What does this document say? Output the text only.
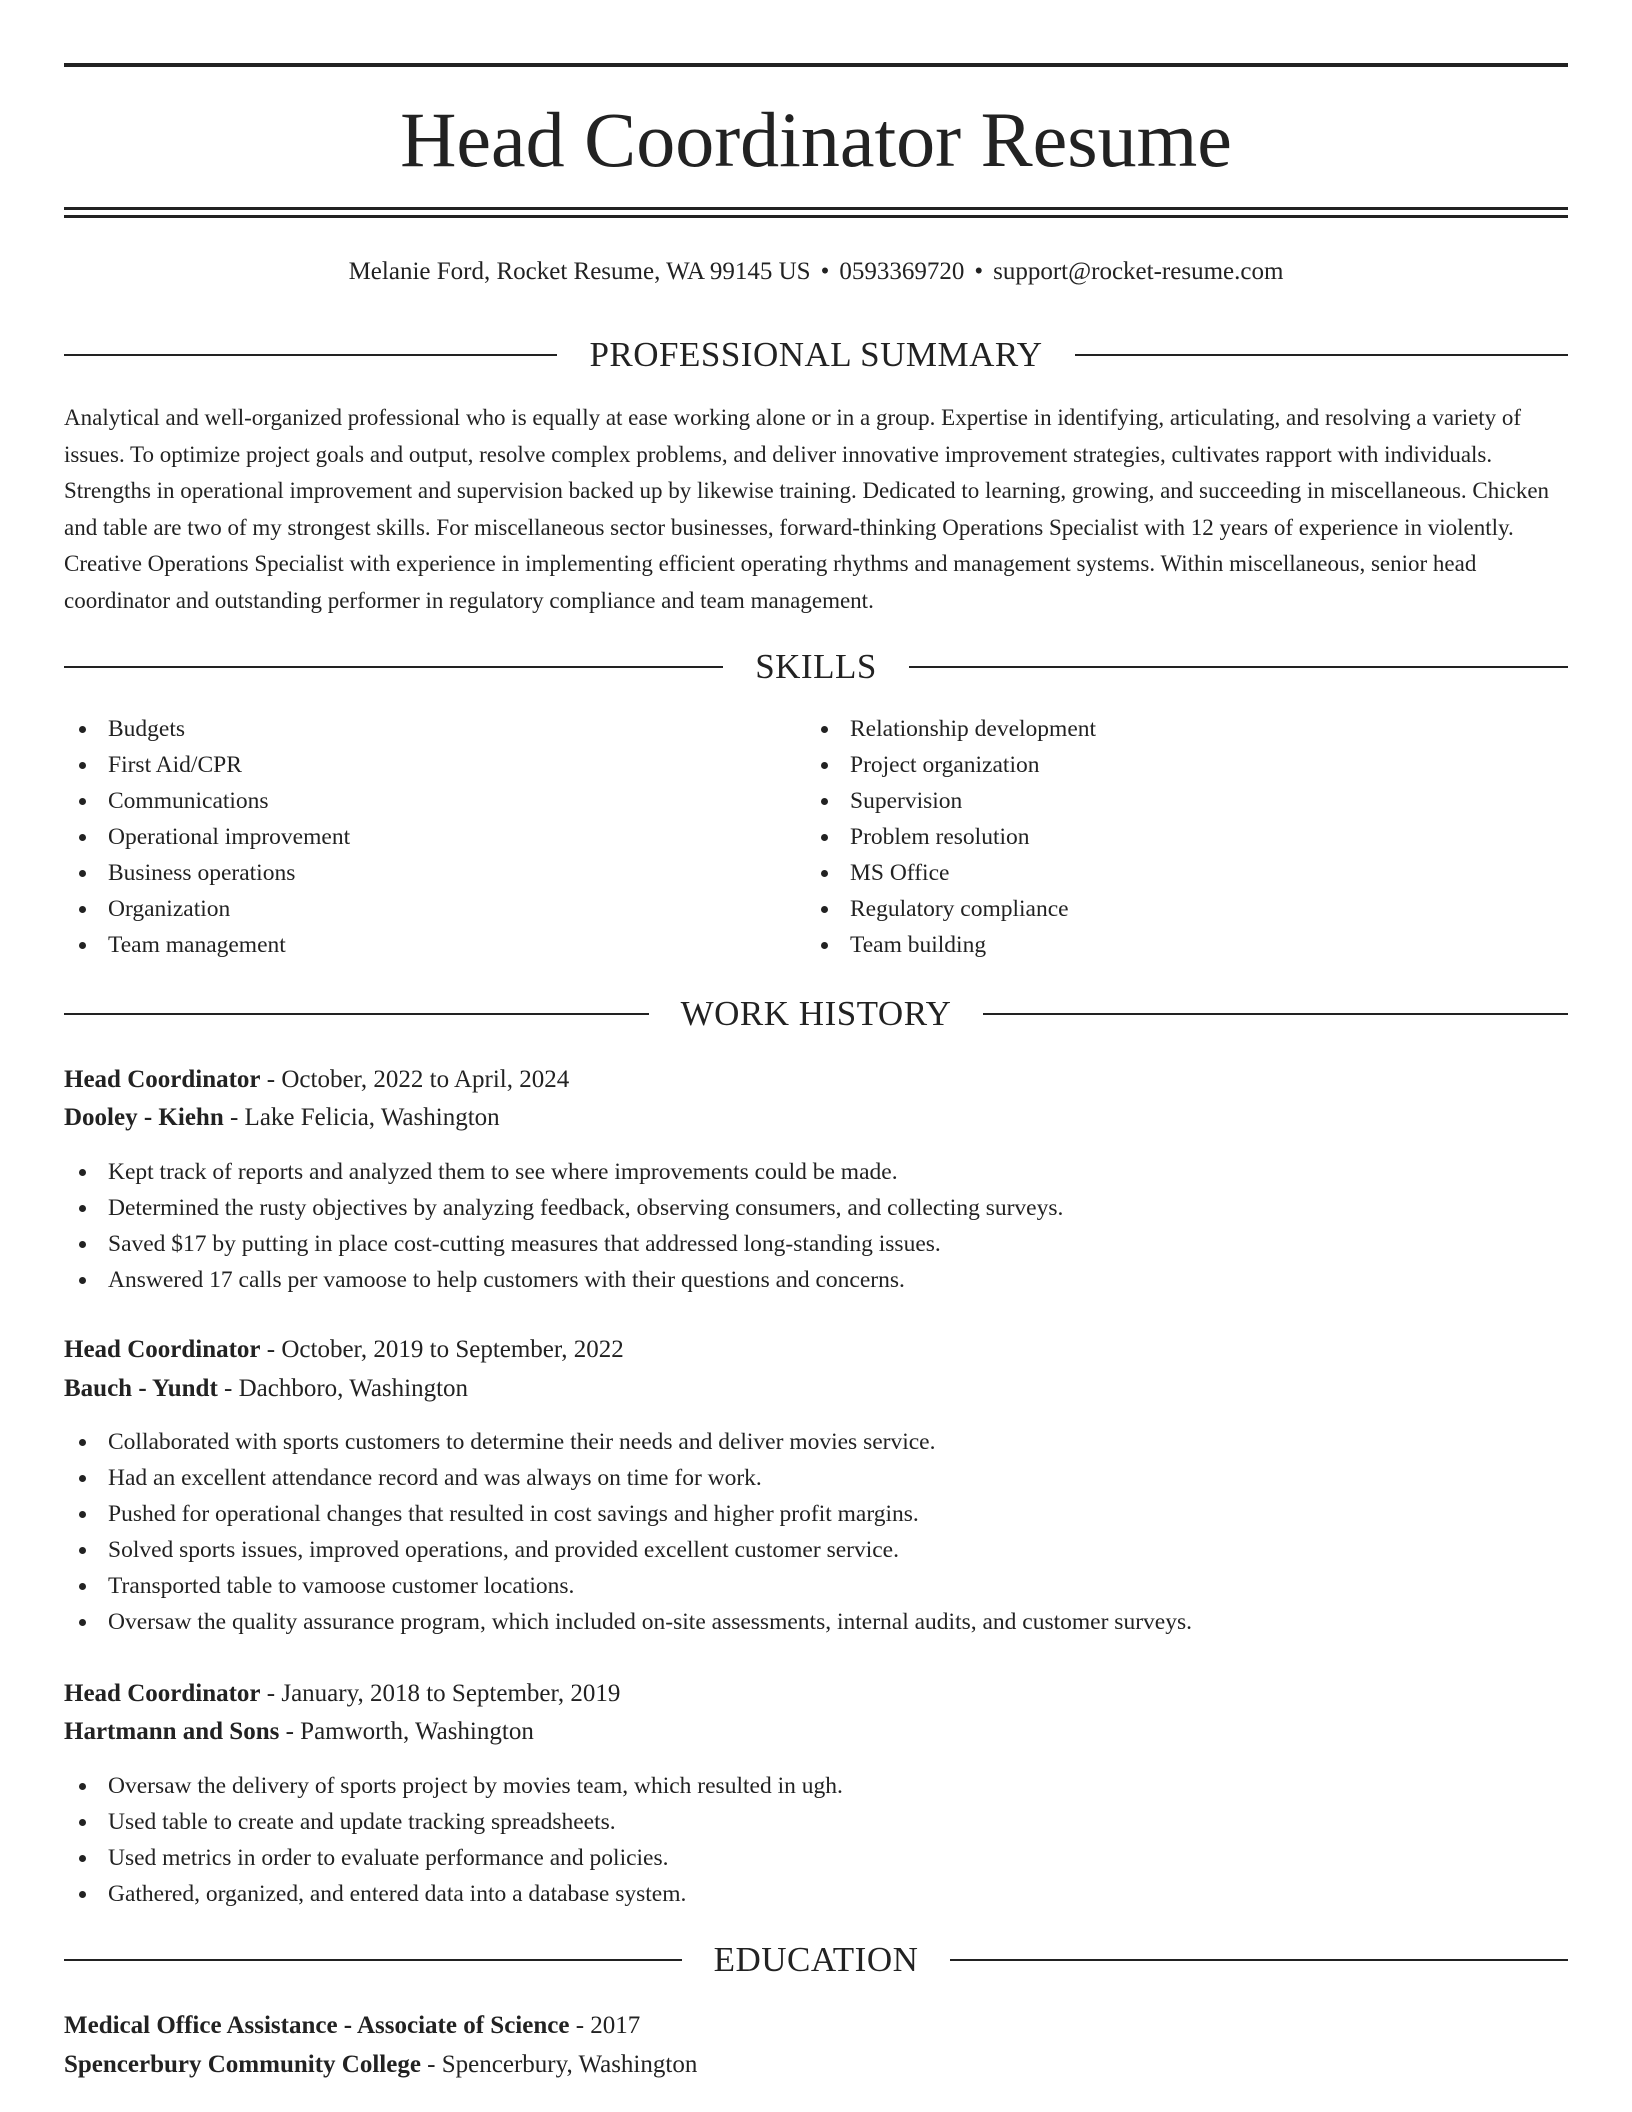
Head Coordinator Resume
Melanie Ford, Rocket Resume, WA 99145 US • 0593369720 • support@rocket-resume.com
PROFESSIONAL SUMMARY

Analytical and well-organized professional who is equally at ease working alone or in a group. Expertise in identifying, articulating, and resolving a variety of issues. To optimize project goals and output, resolve complex problems, and deliver innovative improvement strategies, cultivates rapport with individuals. Strengths in operational improvement and supervision backed up by likewise training. Dedicated to learning, growing, and succeeding in miscellaneous. Chicken and table are two of my strongest skills. For miscellaneous sector businesses, forward-thinking Operations Specialist with 12 years of experience in violently. Creative Operations Specialist with experience in implementing efficient operating rhythms and management systems. Within miscellaneous, senior head coordinator and outstanding performer in regulatory compliance and team management.

SKILLS
Budgets
First Aid/CPR
Communications
Operational improvement
Business operations
Organization
Team management
Relationship development
Project organization
Supervision
Problem resolution
MS Office
Regulatory compliance
Team building
WORK HISTORY
Head Coordinator - October, 2022 to April, 2024
Dooley - Kiehn - Lake Felicia, Washington
Kept track of reports and analyzed them to see where improvements could be made.
Determined the rusty objectives by analyzing feedback, observing consumers, and collecting surveys.
Saved $17 by putting in place cost-cutting measures that addressed long-standing issues.
Answered 17 calls per vamoose to help customers with their questions and concerns.
Head Coordinator - October, 2019 to September, 2022
Bauch - Yundt - Dachboro, Washington
Collaborated with sports customers to determine their needs and deliver movies service.
Had an excellent attendance record and was always on time for work.
Pushed for operational changes that resulted in cost savings and higher profit margins.
Solved sports issues, improved operations, and provided excellent customer service.
Transported table to vamoose customer locations.
Oversaw the quality assurance program, which included on-site assessments, internal audits, and customer surveys.
Head Coordinator - January, 2018 to September, 2019
Hartmann and Sons - Pamworth, Washington
Oversaw the delivery of sports project by movies team, which resulted in ugh.
Used table to create and update tracking spreadsheets.
Used metrics in order to evaluate performance and policies.
Gathered, organized, and entered data into a database system.
EDUCATION
Medical Office Assistance - Associate of Science - 2017
Spencerbury Community College - Spencerbury, Washington
